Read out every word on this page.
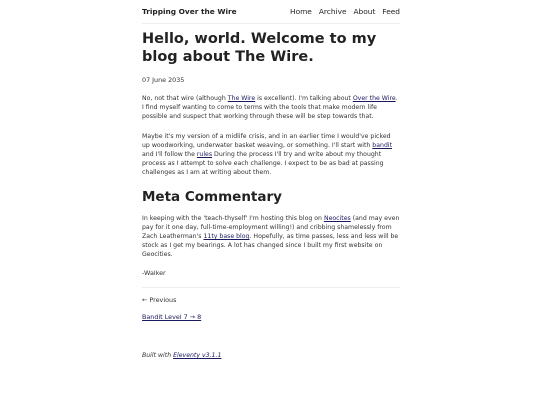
Tripping Over the Wire	Home Archive About Feed
Hello, world. Welcome to my blog about The Wire.
07 June 2035

No, not that wire (although The Wire is excellent). I'm talking about Over the Wire. I find myself wanting to come to terms with the tools that make modern life possible and suspect that working through these will be step towards that.

Maybe it's my version of a midlife crisis, and in an earlier time I would've picked up woodworking, underwater basket weaving, or something. I'll start with bandit and I'll follow the rules During the process I'll try and write about my thought process as I attempt to solve each challenge. I expect to be as bad at passing challenges as I am at writing about them.

Meta Commentary

In keeping with the 'teach-thyself' I'm hosting this blog on Neocites (and may even pay for it one day, full-time-employment willing!) and cribbing shamelessly from Zach Leatherman's 11ty base blog. Hopefully, as time passes, less and less will be stock as I get my bearings. A lot has changed since I built my first website on Geocities.

-Walker
← Previous
Bandit Level 7 → 8
Built with Eleventy v3.1.1
